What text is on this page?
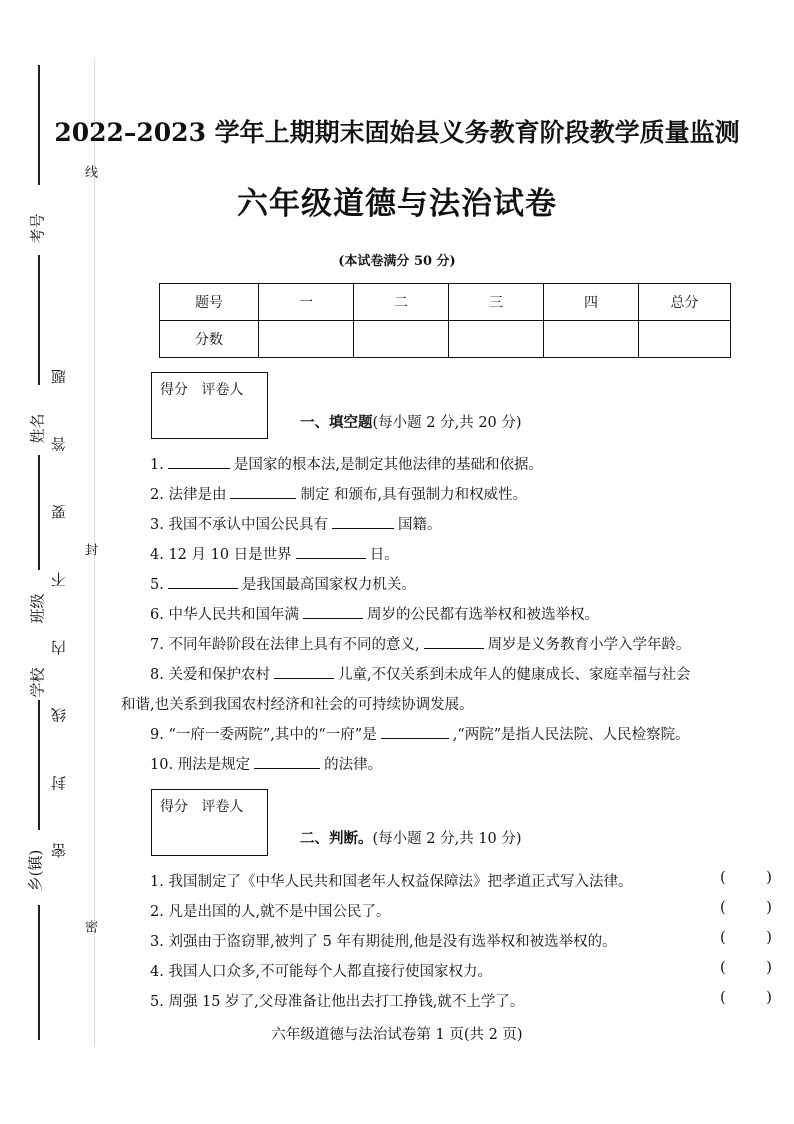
考号
姓名
班级
学校
乡(镇)
密 封 线 内 不 要 答 题
线
封
密
2022–2023 学年上期期末固始县义务教育阶段教学质量监测
六年级道德与法治试卷
(本试卷满分 50 分)
题号	一	二	三	四	总分
分数					
得分 评卷人
一、填空题(每小题 2 分,共 20 分)
1.	是国家的根本法,是制定其他法律的基础和依据。
2. 法律是由	制定 和颁布,具有强制力和权威性。
3. 我国不承认中国公民具有	国籍。
4. 12 月 10 日是世界	日。
5.	是我国最高国家权力机关。
6. 中华人民共和国年满	周岁的公民都有选举权和被选举权。
7. 不同年龄阶段在法律上具有不同的意义,	周岁是义务教育小学入学年龄。
8. 关爱和保护农村	儿童,不仅关系到未成年人的健康成长、家庭幸福与社会
和谐,也关系到我国农村经济和社会的可持续协调发展。
9. “一府一委两院”,其中的“一府”是	,“两院”是指人民法院、人民检察院。
10. 刑法是规定	的法律。
得分 评卷人
二、判断。(每小题 2 分,共 10 分)
1. 我国制定了《中华人民共和国老年人权益保障法》把孝道正式写入法律。	( )
2. 凡是出国的人,就不是中国公民了。	( )
3. 刘强由于盗窃罪,被判了 5 年有期徒刑,他是没有选举权和被选举权的。	( )
4. 我国人口众多,不可能每个人都直接行使国家权力。	( )
5. 周强 15 岁了,父母准备让他出去打工挣钱,就不上学了。	( )
六年级道德与法治试卷第 1 页(共 2 页)
